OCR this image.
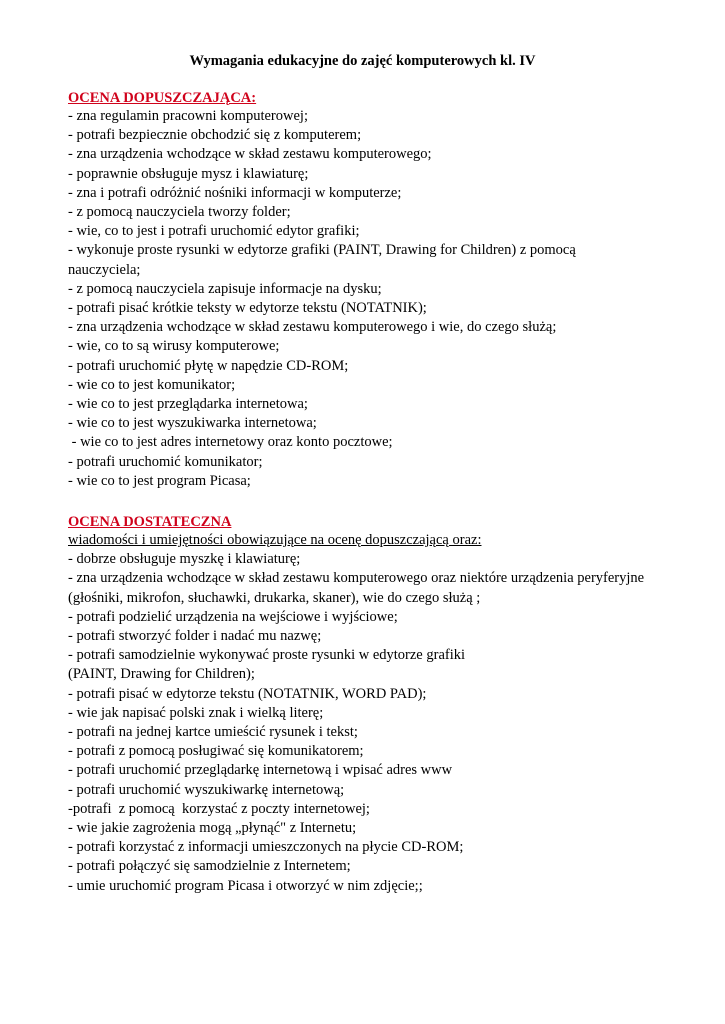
Wymagania edukacyjne do zajęć komputerowych kl. IV
OCENA DOPUSZCZAJĄCA:
- zna regulamin pracowni komputerowej;
- potrafi bezpiecznie obchodzić się z komputerem;
- zna urządzenia wchodzące w skład zestawu komputerowego;
- poprawnie obsługuje mysz i klawiaturę;
- zna i potrafi odróżnić nośniki informacji w komputerze;
- z pomocą nauczyciela tworzy folder;
- wie, co to jest i potrafi uruchomić edytor grafiki;
- wykonuje proste rysunki w edytorze grafiki (PAINT, Drawing for Children) z pomocą
nauczyciela;
- z pomocą nauczyciela zapisuje informacje na dysku;
- potrafi pisać krótkie teksty w edytorze tekstu (NOTATNIK);
- zna urządzenia wchodzące w skład zestawu komputerowego i wie, do czego służą;
- wie, co to są wirusy komputerowe;
- potrafi uruchomić płytę w napędzie CD-ROM;
- wie co to jest komunikator;
- wie co to jest przeglądarka internetowa;
- wie co to jest wyszukiwarka internetowa;
- wie co to jest adres internetowy oraz konto pocztowe;
- potrafi uruchomić komunikator;
- wie co to jest program Picasa;
OCENA DOSTATECZNA
wiadomości i umiejętności obowiązujące na ocenę dopuszczającą oraz:
- dobrze obsługuje myszkę i klawiaturę;
- zna urządzenia wchodzące w skład zestawu komputerowego oraz niektóre urządzenia peryferyjne
(głośniki, mikrofon, słuchawki, drukarka, skaner), wie do czego służą ;
- potrafi podzielić urządzenia na wejściowe i wyjściowe;
- potrafi stworzyć folder i nadać mu nazwę;
- potrafi samodzielnie wykonywać proste rysunki w edytorze grafiki
(PAINT, Drawing for Children);
- potrafi pisać w edytorze tekstu (NOTATNIK, WORD PAD);
- wie jak napisać polski znak i wielką literę;
- potrafi na jednej kartce umieścić rysunek i tekst;
- potrafi z pomocą posługiwać się komunikatorem;
- potrafi uruchomić przeglądarkę internetową i wpisać adres www
- potrafi uruchomić wyszukiwarkę internetową;
-potrafi  z pomocą  korzystać z poczty internetowej;
- wie jakie zagrożenia mogą „płynąć" z Internetu;
- potrafi korzystać z informacji umieszczonych na płycie CD-ROM;
- potrafi połączyć się samodzielnie z Internetem;
- umie uruchomić program Picasa i otworzyć w nim zdjęcie;;
